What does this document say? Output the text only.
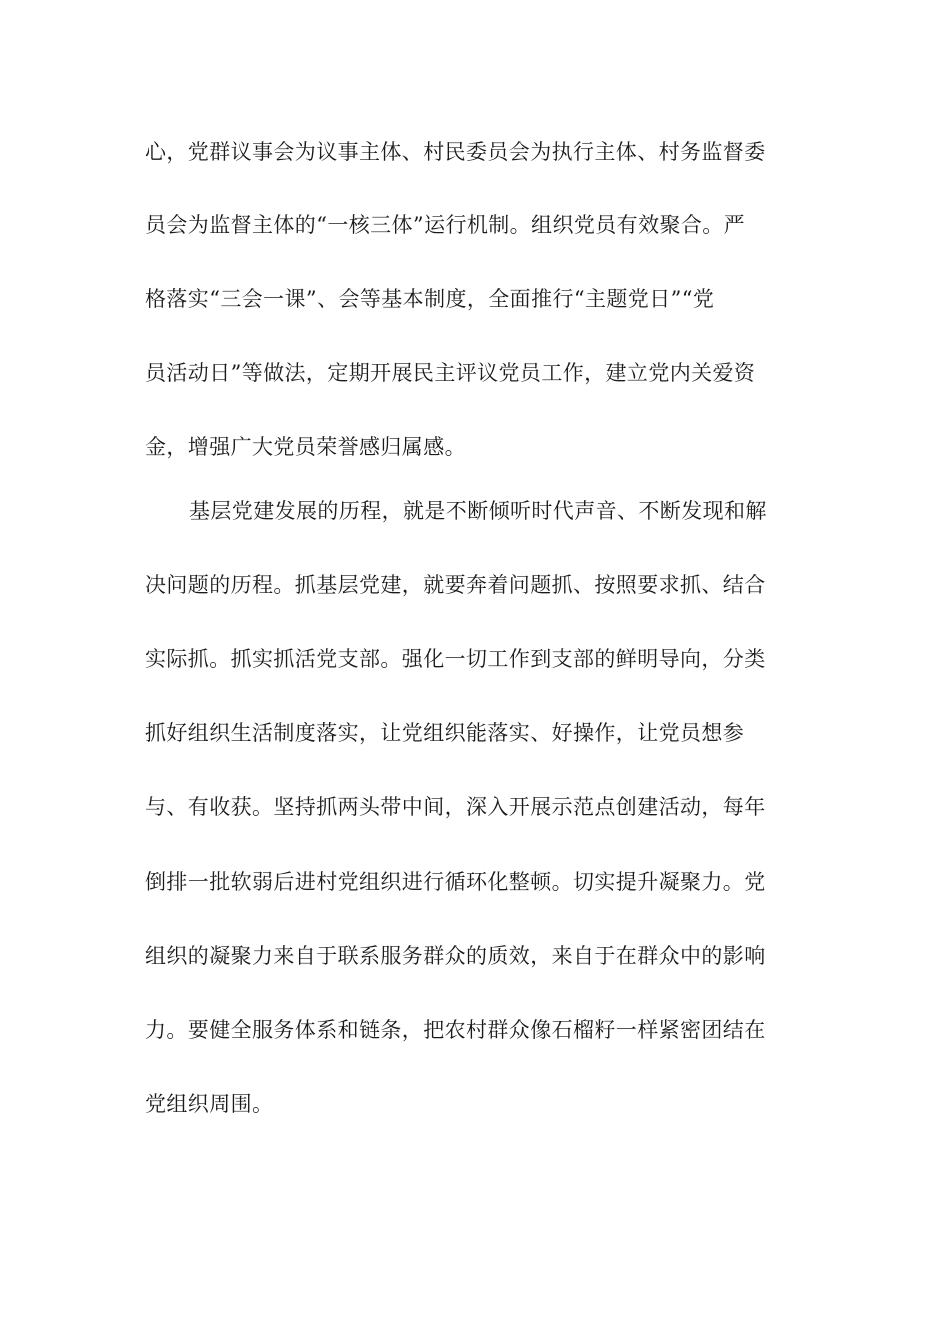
心，党群议事会为议事主体、村民委员会为执行主体、村务监督委
员会为监督主体的“一核三体”运行机制。组织党员有效聚合。严
格落实“三会一课”、会等基本制度，全面推行“主题党日”“党
员活动日”等做法，定期开展民主评议党员工作，建立党内关爱资
金，增强广大党员荣誉感归属感。
基层党建发展的历程，就是不断倾听时代声音、不断发现和解
决问题的历程。抓基层党建，就要奔着问题抓、按照要求抓、结合
实际抓。抓实抓活党支部。强化一切工作到支部的鲜明导向，分类
抓好组织生活制度落实，让党组织能落实、好操作，让党员想参
与、有收获。坚持抓两头带中间，深入开展示范点创建活动，每年
倒排一批软弱后进村党组织进行循环化整顿。切实提升凝聚力。党
组织的凝聚力来自于联系服务群众的质效，来自于在群众中的影响
力。要健全服务体系和链条，把农村群众像石榴籽一样紧密团结在
党组织周围。
